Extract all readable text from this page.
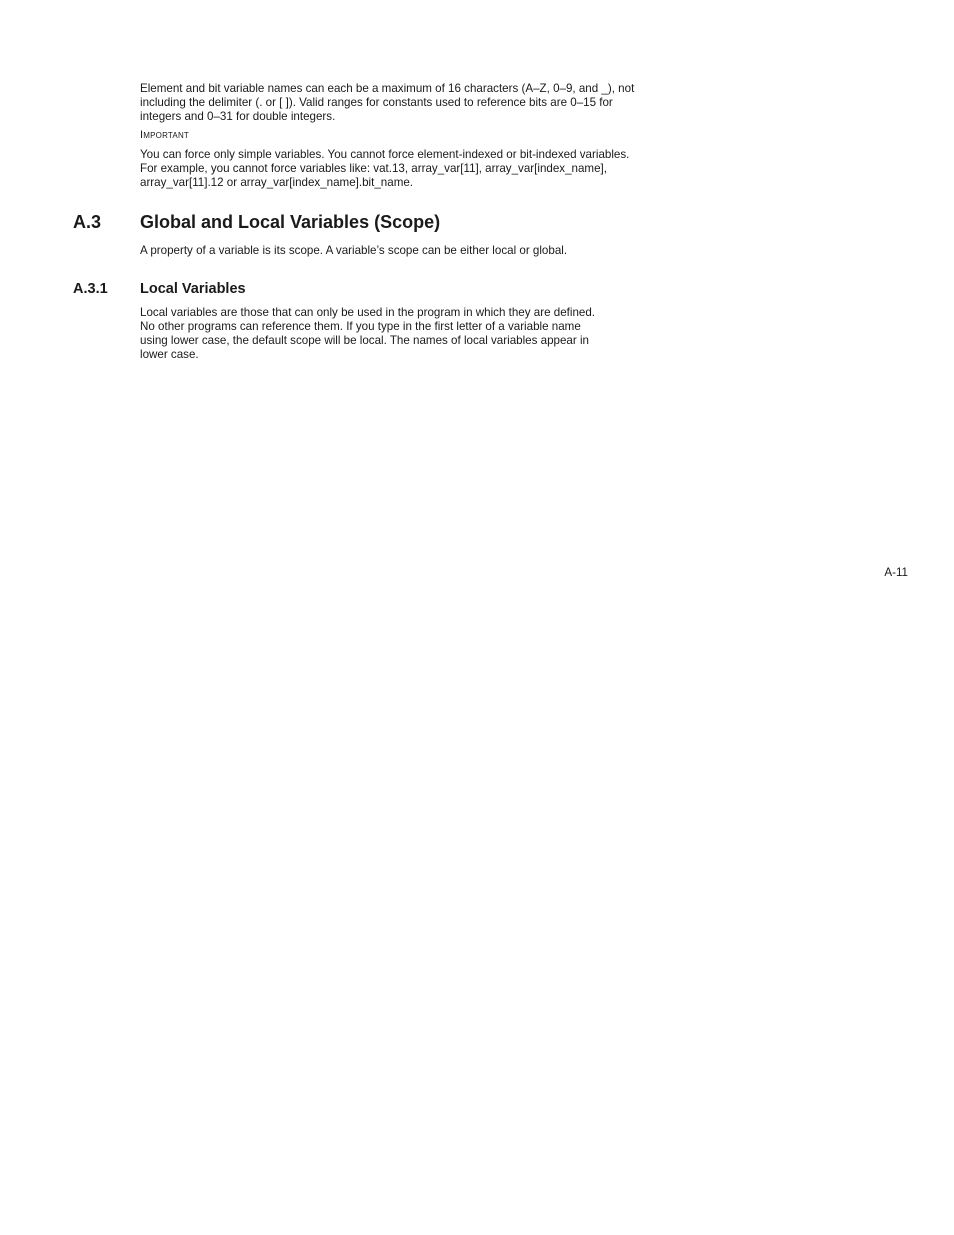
Element and bit variable names can each be a maximum of 16 characters (A–Z, 0–9, and _), not including the delimiter (. or [ ]). Valid ranges for constants used to reference bits are 0–15 for integers and 0–31 for double integers.

Important

You can force only simple variables. You cannot force element-indexed or bit-indexed variables. For example, you cannot force variables like: vat.13, array_var[11], array_var[index_name], array_var[11].12 or array_var[index_name].bit_name.

A.3 Global and Local Variables (Scope)

A property of a variable is its scope. A variable’s scope can be either local or global.

A.3.1 Local Variables

Local variables are those that can only be used in the program in which they are defined. No other programs can reference them. If you type in the first letter of a variable name using lower case, the default scope will be local. The names of local variables appear in lower case.

A-11
